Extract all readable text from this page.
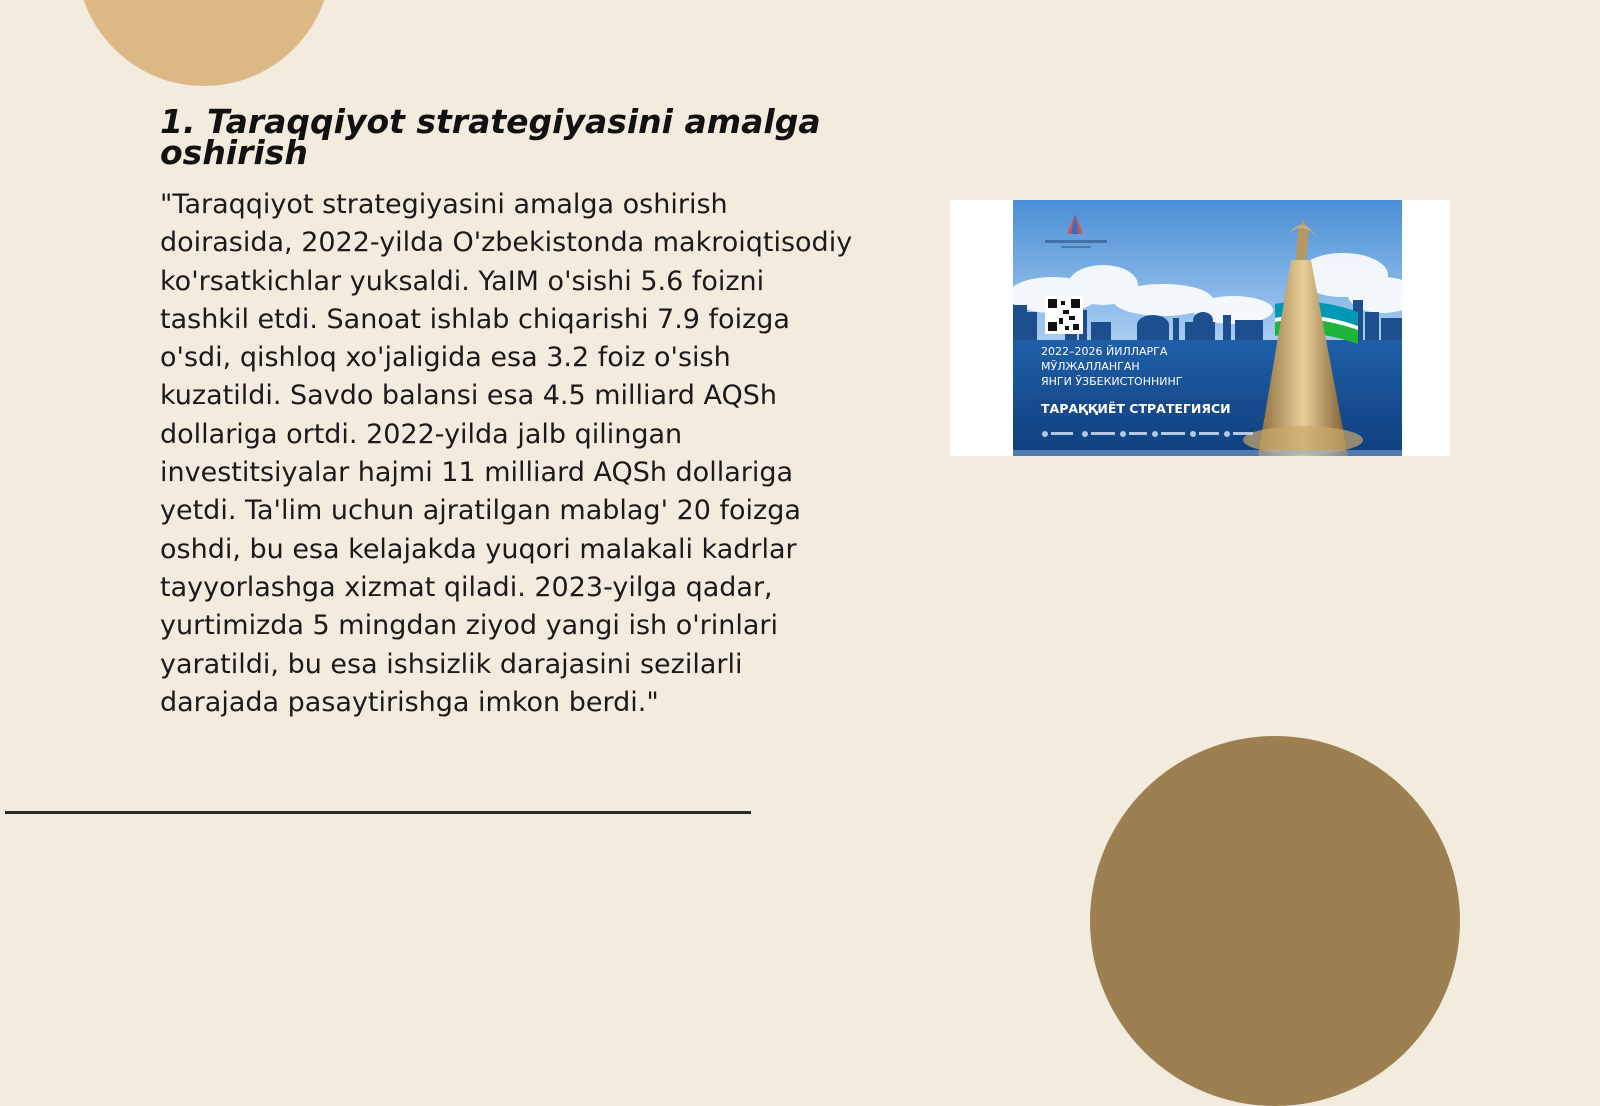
1. Taraqqiyot strategiyasini amalga oshirish

"Taraqqiyot strategiyasini amalga oshirish doirasida, 2022-yilda O'zbekistonda makroiqtisodiy ko'rsatkichlar yuksaldi. YaIM o'sishi 5.6 foizni tashkil etdi. Sanoat ishlab chiqarishi 7.9 foizga o'sdi, qishloq xo'jaligida esa 3.2 foiz o'sish kuzatildi. Savdo balansi esa 4.5 milliard AQSh dollariga ortdi. 2022-yilda jalb qilingan investitsiyalar hajmi 11 milliard AQSh dollariga yetdi. Ta'lim uchun ajratilgan mablag' 20 foizga oshdi, bu esa kelajakda yuqori malakali kadrlar tayyorlashga xizmat qiladi. 2023-yilga qadar, yurtimizda 5 mingdan ziyod yangi ish o'rinlari yaratildi, bu esa ishsizlik darajasini sezilarli darajada pasaytirishga imkon berdi."

2022–2026 ЙИЛЛАРГА
МЎЛЖАЛЛАНГАН
ЯНГИ ЎЗБЕКИСТОННИНГ
ТАРАҚҚИЁТ СТРАТЕГИЯСИ
